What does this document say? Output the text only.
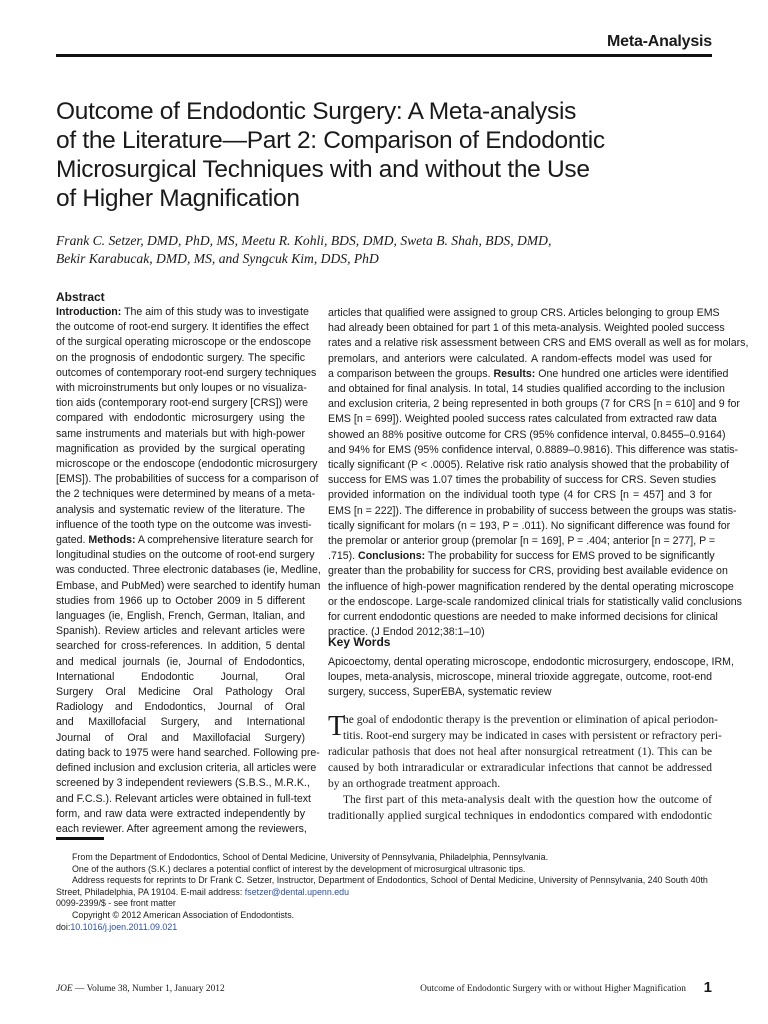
Meta-Analysis
Outcome of Endodontic Surgery: A Meta-analysis
of the Literature—Part 2: Comparison of Endodontic
Microsurgical Techniques with and without the Use
of Higher Magnification
Frank C. Setzer, DMD, PhD, MS, Meetu R. Kohli, BDS, DMD, Sweta B. Shah, BDS, DMD,
Bekir Karabucak, DMD, MS, and Syngcuk Kim, DDS, PhD
Abstract
Introduction: The aim of this study was to investigate
the outcome of root-end surgery. It identifies the effect
of the surgical operating microscope or the endoscope
on the prognosis of endodontic surgery. The specific
outcomes of contemporary root-end surgery techniques
with microinstruments but only loupes or no visualiza-
tion aids (contemporary root-end surgery [CRS]) were
compared with endodontic microsurgery using the
same instruments and materials but with high-power
magnification as provided by the surgical operating
microscope or the endoscope (endodontic microsurgery
[EMS]). The probabilities of success for a comparison of
the 2 techniques were determined by means of a meta-
analysis and systematic review of the literature. The
influence of the tooth type on the outcome was investi-
gated. Methods: A comprehensive literature search for
longitudinal studies on the outcome of root-end surgery
was conducted. Three electronic databases (ie, Medline,
Embase, and PubMed) were searched to identify human
studies from 1966 up to October 2009 in 5 different
languages (ie, English, French, German, Italian, and
Spanish). Review articles and relevant articles were
searched for cross-references. In addition, 5 dental
and medical journals (ie, Journal of Endodontics,
International Endodontic Journal, Oral
Surgery Oral Medicine Oral Pathology Oral
Radiology and Endodontics, Journal of Oral
and Maxillofacial Surgery, and International
Journal of Oral and Maxillofacial Surgery)
dating back to 1975 were hand searched. Following pre-
defined inclusion and exclusion criteria, all articles were
screened by 3 independent reviewers (S.B.S., M.R.K.,
and F.C.S.). Relevant articles were obtained in full-text
form, and raw data were extracted independently by
each reviewer. After agreement among the reviewers,
articles that qualified were assigned to group CRS. Articles belonging to group EMS
had already been obtained for part 1 of this meta-analysis. Weighted pooled success
rates and a relative risk assessment between CRS and EMS overall as well as for molars,
premolars, and anteriors were calculated. A random-effects model was used for
a comparison between the groups. Results: One hundred one articles were identified
and obtained for final analysis. In total, 14 studies qualified according to the inclusion
and exclusion criteria, 2 being represented in both groups (7 for CRS [n = 610] and 9 for
EMS [n = 699]). Weighted pooled success rates calculated from extracted raw data
showed an 88% positive outcome for CRS (95% confidence interval, 0.8455–0.9164)
and 94% for EMS (95% confidence interval, 0.8889–0.9816). This difference was statis-
tically significant (P < .0005). Relative risk ratio analysis showed that the probability of
success for EMS was 1.07 times the probability of success for CRS. Seven studies
provided information on the individual tooth type (4 for CRS [n = 457] and 3 for
EMS [n = 222]). The difference in probability of success between the groups was statis-
tically significant for molars (n = 193, P = .011). No significant difference was found for
the premolar or anterior group (premolar [n = 169], P = .404; anterior [n = 277], P =
.715). Conclusions: The probability for success for EMS proved to be significantly
greater than the probability for success for CRS, providing best available evidence on
the influence of high-power magnification rendered by the dental operating microscope
or the endoscope. Large-scale randomized clinical trials for statistically valid conclusions
for current endodontic questions are needed to make informed decisions for clinical
practice. (J Endod 2012;38:1–10)
Key Words
Apicoectomy, dental operating microscope, endodontic microsurgery, endoscope, IRM,
loupes, meta-analysis, microscope, mineral trioxide aggregate, outcome, root-end
surgery, success, SuperEBA, systematic review
T
he goal of endodontic therapy is the prevention or elimination of apical periodon-
titis. Root-end surgery may be indicated in cases with persistent or refractory peri-
radicular pathosis that does not heal after nonsurgical retreatment (1). This can be
caused by both intraradicular or extraradicular infections that cannot be addressed
by an orthograde treatment approach.
The first part of this meta-analysis dealt with the question how the outcome of
traditionally applied surgical techniques in endodontics compared with endodontic
From the Department of Endodontics, School of Dental Medicine, University of Pennsylvania, Philadelphia, Pennsylvania.
One of the authors (S.K.) declares a potential conflict of interest by the development of microsurgical ultrasonic tips.
Address requests for reprints to Dr Frank C. Setzer, Instructor, Department of Endodontics, School of Dental Medicine, University of Pennsylvania, 240 South 40th
Street, Philadelphia, PA 19104. E-mail address: fsetzer@dental.upenn.edu
0099-2399/$ - see front matter
Copyright © 2012 American Association of Endodontists.
doi:10.1016/j.joen.2011.09.021
JOE — Volume 38, Number 1, January 2012	Outcome of Endodontic Surgery with or without Higher Magnification 1
